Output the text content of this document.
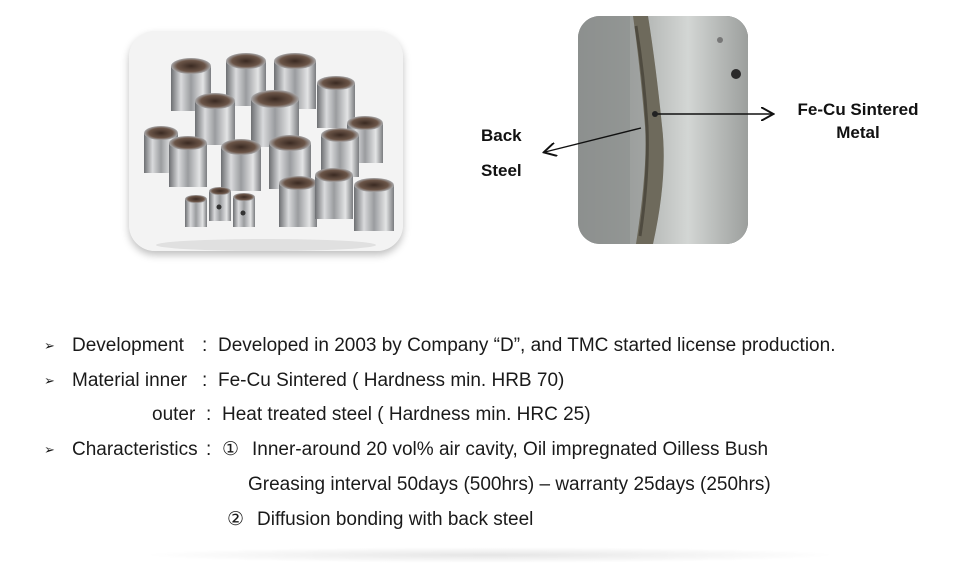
Back
Steel
Fe-Cu Sintered
Metal
➢ Development : Developed in 2003 by Company “D”, and TMC started license production.
➢ Material inner : Fe-Cu Sintered ( Hardness min. HRB 70)
outer : Heat treated steel ( Hardness min. HRC 25)
➢ Characteristics : ① Inner-around 20 vol% air cavity, Oil impregnated Oilless Bush
Greasing interval 50days (500hrs) – warranty 25days (250hrs)
② Diffusion bonding with back steel
